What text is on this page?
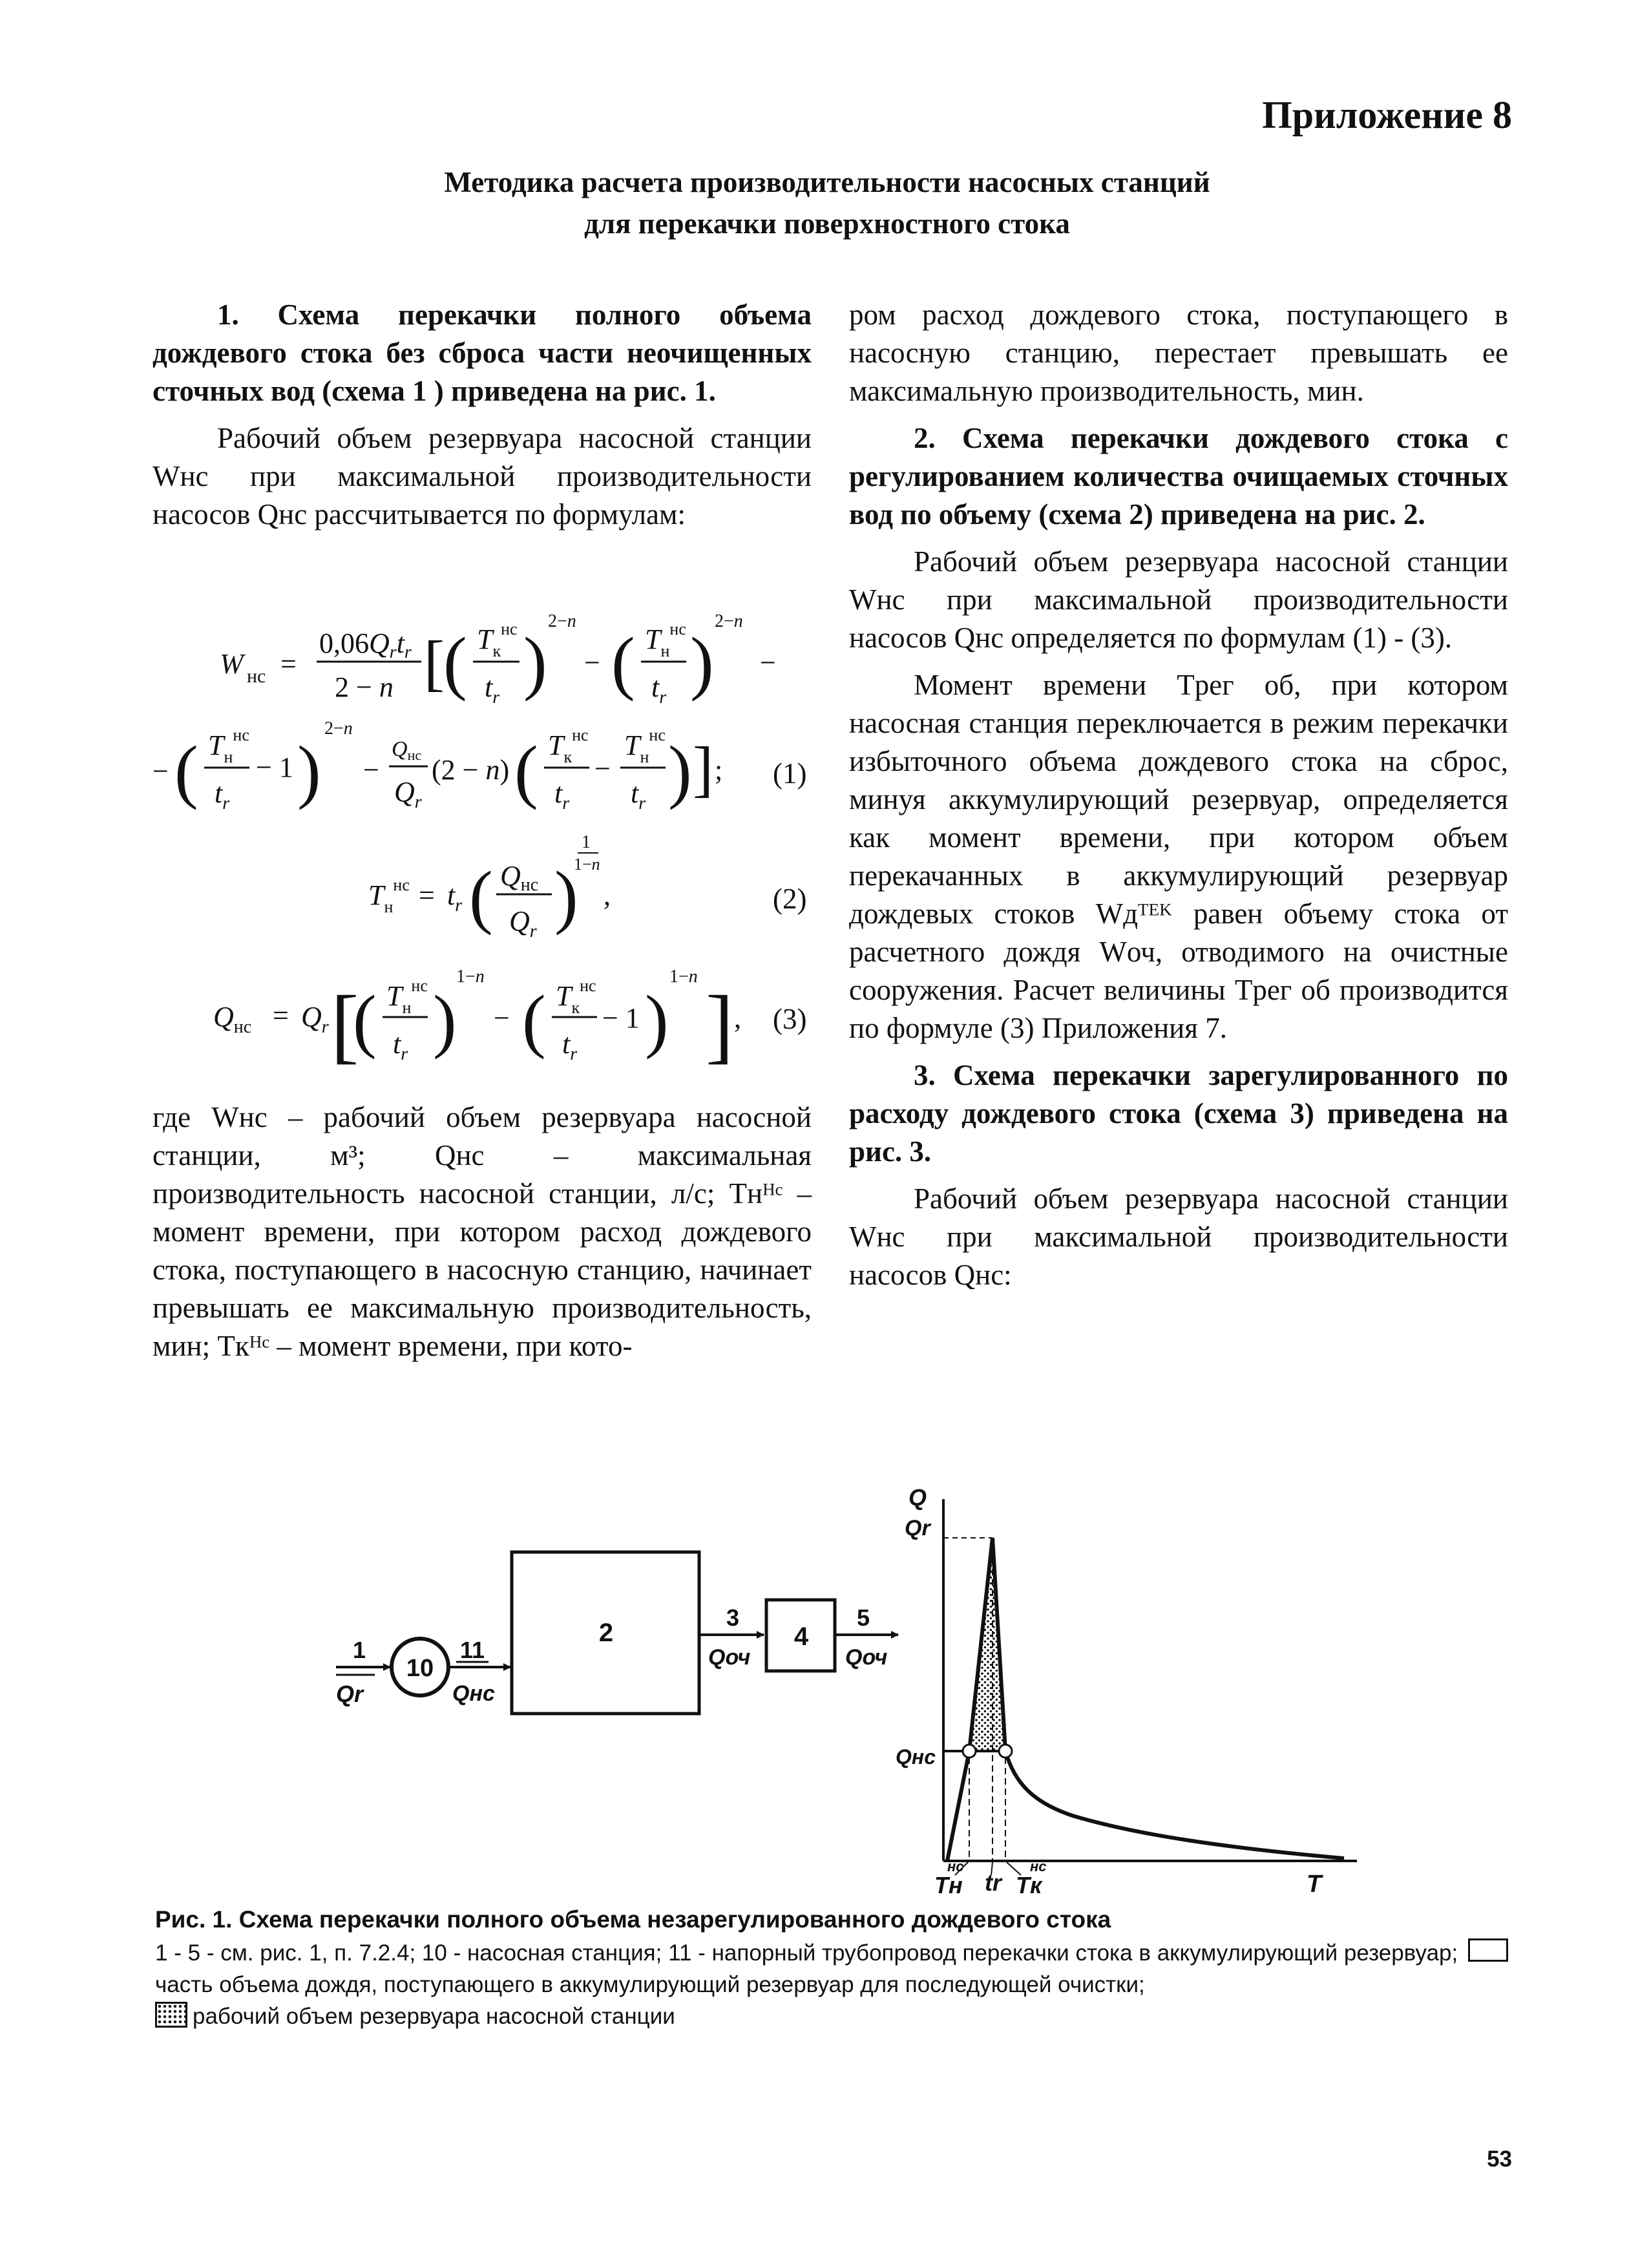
Приложение 8
Методика расчета производительности насосных станций
для перекачки поверхностного стока

1. Схема перекачки полного объема дождевого стока без сброса части неочищенных сточных вод (схема 1 ) приведена на рис. 1.

Рабочий объем резервуара насосной станции Wнс при максимальной производительности насосов Qнс рассчитывается по формулам:

W нс =
0,06Qrtr
2 − n [
( $T_к^{нс}$
$t_r$ )
2−n
− ( $T_н^{нс}$
$t_r$ )
2−n
−
− ( $T_н^{нс}$
$t_r$
− 1 )
2−n
−
Qнс
$Q_r$
(2 − n) ( $T_к^{нс}$
$t_r$
−
$T_н^{нс}$
$t_r$ ) ] ;
$T_н^{нс} = t_r$ ( Qнс
$Q_r$ )
1
1−n
,
$Q_{нс} = Q_r$ [
( $T_н^{нс}$
$t_r$ )
1−n
− ( $T_к^{нс}$
$t_r$
− 1 )
1−n
] ,
(1)
(2)
(3)

где Wнс – рабочий объем резервуара насосной станции, м³; Qнс – максимальная производительность насосной станции, л/с; Tнᴴᶜ – момент времени, при котором расход дождевого стока, поступающего в насосную станцию, начинает превышать ее максимальную производительность, мин; Tкᴴᶜ – момент времени, при кото-

ром расход дождевого стока, поступающего в насосную станцию, перестает превышать ее максимальную производительность, мин.

2. Схема перекачки дождевого стока с регулированием количества очищаемых сточных вод по объему (схема 2) приведена на рис. 2.

Рабочий объем резервуара насосной станции Wнс при максимальной производительности насосов Qнс определяется по формулам (1) - (3).

Момент времени Tрег об, при котором насосная станция переключается в режим перекачки избыточного объема дождевого стока на сброс, минуя аккумулирующий резервуар, определяется как момент времени, при котором объем перекачанных в аккумулирующий резервуар дождевых стоков Wдᵀᴱᴷ равен объему стока от расчетного дождя Wоч, отводимого на очистные сооружения. Расчет величины Tрег об производится по формуле (3) Приложения 7.

3. Схема перекачки зарегулированного по расходу дождевого стока (схема 3) приведена на рис. 3.

Рабочий объем резервуара насосной станции Wнс при максимальной производительности насосов Qнс:

1
Qr
10
11
Qнс
2
3
Qоч
4
5
Qоч
Q
Qr
Qнс
Tн
нс
tr Tк
нс
T
Рис. 1. Схема перекачки полного объема незарегулированного дождевого стока
1 - 5 - см. рис. 1, п. 7.2.4; 10 - насосная станция; 11 - напорный трубопровод перекачки стока в аккумулирующий резервуар;  часть объема дождя, поступающего в аккумулирующий резервуар для последующей очистки;
рабочий объем резервуара насосной станции
53
